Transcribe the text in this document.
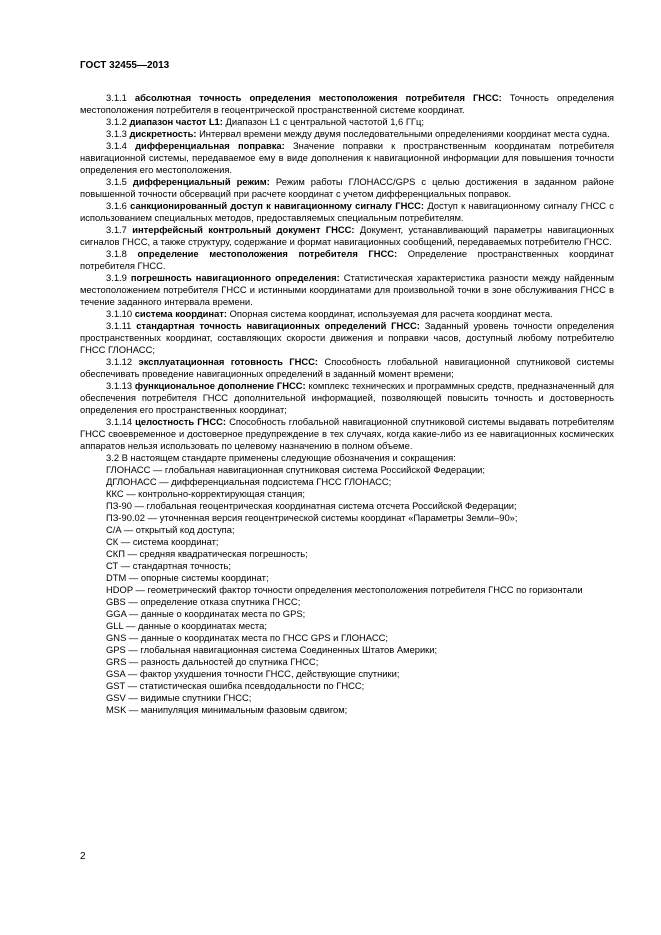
ГОСТ 32455—2013

3.1.1 абсолютная точность определения местоположения потребителя ГНСС: Точность определения местоположения потребителя в геоцентрической пространственной системе координат.

3.1.2 диапазон частот L1: Диапазон L1 с центральной частотой 1,6 ГГц;

3.1.3 дискретность: Интервал времени между двумя последовательными определениями координат места судна.

3.1.4 дифференциальная поправка: Значение поправки к пространственным координатам потребителя навигационной системы, передаваемое ему в виде дополнения к навигационной информации для повышения точности определения его местоположения.

3.1.5 дифференциальный режим: Режим работы ГЛОНАСС/GPS с целью достижения в заданном районе повышенной точности обсерваций при расчете координат с учетом дифференциальных поправок.

3.1.6 санкционированный доступ к навигационному сигналу ГНСС: Доступ к навигационному сигналу ГНСС с использованием специальных методов, предоставляемых специальным потребителям.

3.1.7 интерфейсный контрольный документ ГНСС: Документ, устанавливающий параметры навигационных сигналов ГНСС, а также структуру, содержание и формат навигационных сообщений, передаваемых потребителю ГНСС.

3.1.8 определение местоположения потребителя ГНСС: Определение пространственных координат потребителя ГНСС.

3.1.9 погрешность навигационного определения: Статистическая характеристика разности между найденным местоположением потребителя ГНСС и истинными координатами для произвольной точки в зоне обслуживания ГНСС в течение заданного интервала времени.

3.1.10 система координат: Опорная система координат, используемая для расчета координат места.

3.1.11 стандартная точность навигационных определений ГНСС: Заданный уровень точности определения пространственных координат, составляющих скорости движения и поправки часов, доступный любому потребителю ГНСС ГЛОНАСС;

3.1.12 эксплуатационная готовность ГНСС: Способность глобальной навигационной спутниковой системы обеспечивать проведение навигационных определений в заданный момент времени;

3.1.13 функциональное дополнение ГНСС: комплекс технических и программных средств, предназначенный для обеспечения потребителя ГНСС дополнительной информацией, позволяющей повысить точность и достоверность определения его пространственных координат;

3.1.14 целостность ГНСС: Способность глобальной навигационной спутниковой системы выдавать потребителям ГНСС своевременное и достоверное предупреждение в тех случаях, когда какие-либо из ее навигационных космических аппаратов нельзя использовать по целевому назначению в полном объеме.

3.2 В настоящем стандарте применены следующие обозначения и сокращения:

ГЛОНАСС — глобальная навигационная спутниковая система Российской Федерации;

ДГЛОНАСС — дифференциальная подсистема ГНСС ГЛОНАСС;

ККС — контрольно-корректирующая станция;

ПЗ-90 — глобальная геоцентрическая координатная система отсчета Российской Федерации;

ПЗ-90.02 — уточненная версия геоцентрической системы координат «Параметры Земли–90»;

C/A — открытый код доступа;

СК — система координат;

СКП — средняя квадратическая погрешность;

СТ — стандартная точность;

DTM — опорные системы координат;

HDOP — геометрический фактор точности определения местоположения потребителя ГНСС по горизонтали

GBS — определение отказа спутника ГНСС;

GGA — данные о координатах места по GPS;

GLL — данные о координатах места;

GNS — данные о координатах места по ГНСС GPS и ГЛОНАСС;

GPS — глобальная навигационная система Соединенных Штатов Америки;

GRS — разность дальностей до спутника ГНСС;

GSA — фактор ухудшения точности ГНСС, действующие спутники;

GST — статистическая ошибка псевдодальности по ГНСС;

GSV — видимые спутники ГНСС;

MSK — манипуляция минимальным фазовым сдвигом;

2
